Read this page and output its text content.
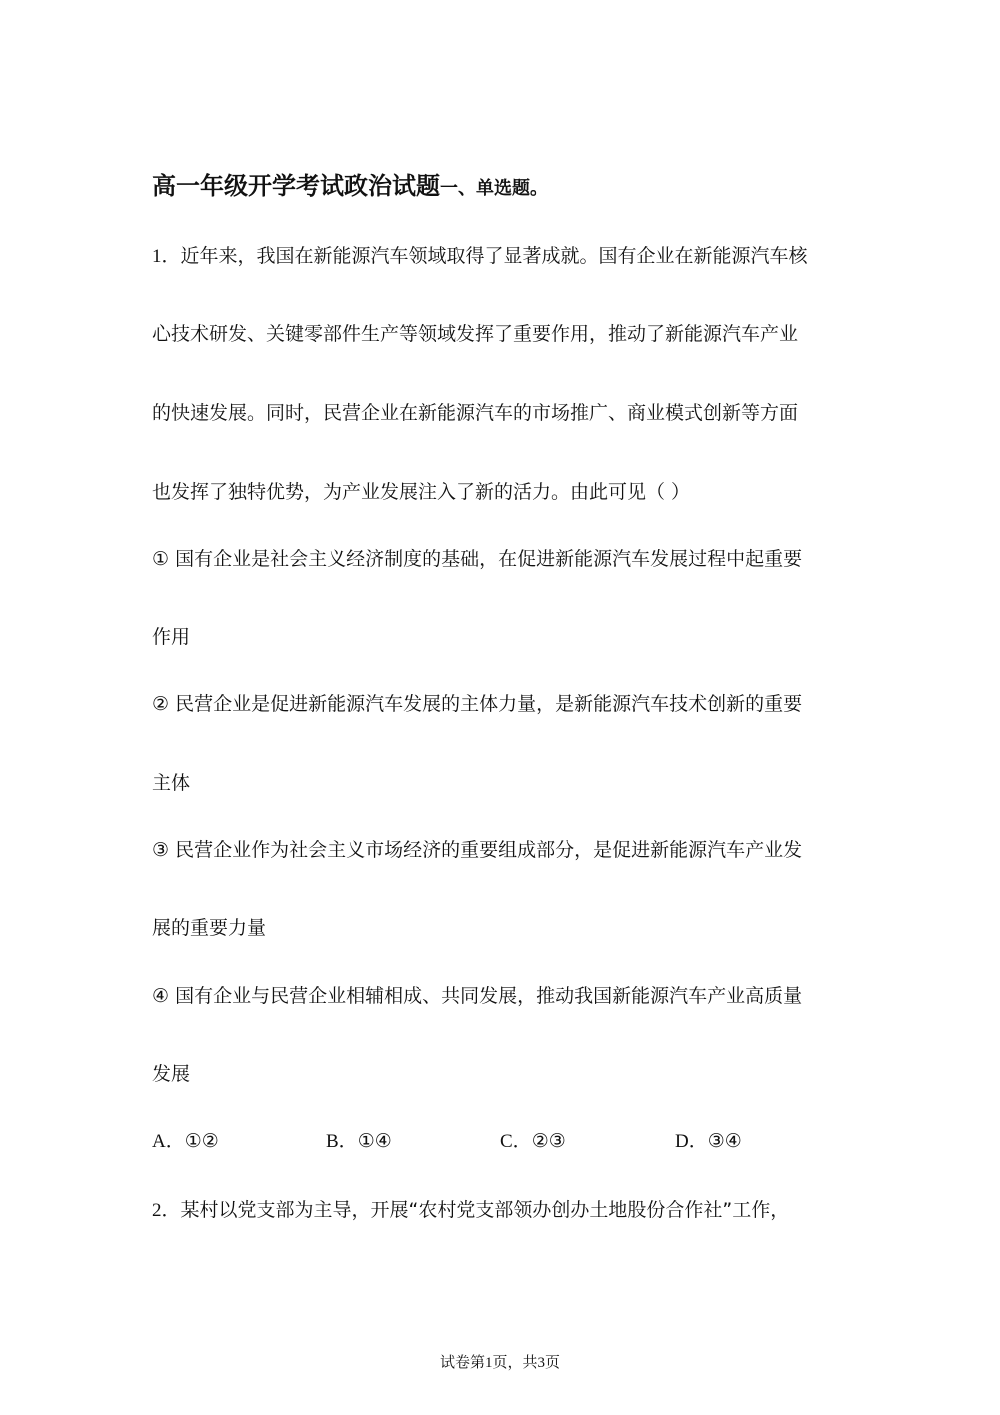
高一年级开学考试政治试题一、单选题。
1．近年来，我国在新能源汽车领域取得了显著成就。国有企业在新能源汽车核
心技术研发、关键零部件生产等领域发挥了重要作用，推动了新能源汽车产业
的快速发展。同时，民营企业在新能源汽车的市场推广、商业模式创新等方面
也发挥了独特优势，为产业发展注入了新的活力。由此可见（ ）
① 国有企业是社会主义经济制度的基础，在促进新能源汽车发展过程中起重要
作用
② 民营企业是促进新能源汽车发展的主体力量，是新能源汽车技术创新的重要
主体
③ 民营企业作为社会主义市场经济的重要组成部分，是促进新能源汽车产业发
展的重要力量
④ 国有企业与民营企业相辅相成、共同发展，推动我国新能源汽车产业高质量
发展
A．①②	B．①④	C．②③	D．③④
2．某村以党支部为主导，开展“农村党支部领办创办土地股份合作社”工作，
试卷第1页，共3页
